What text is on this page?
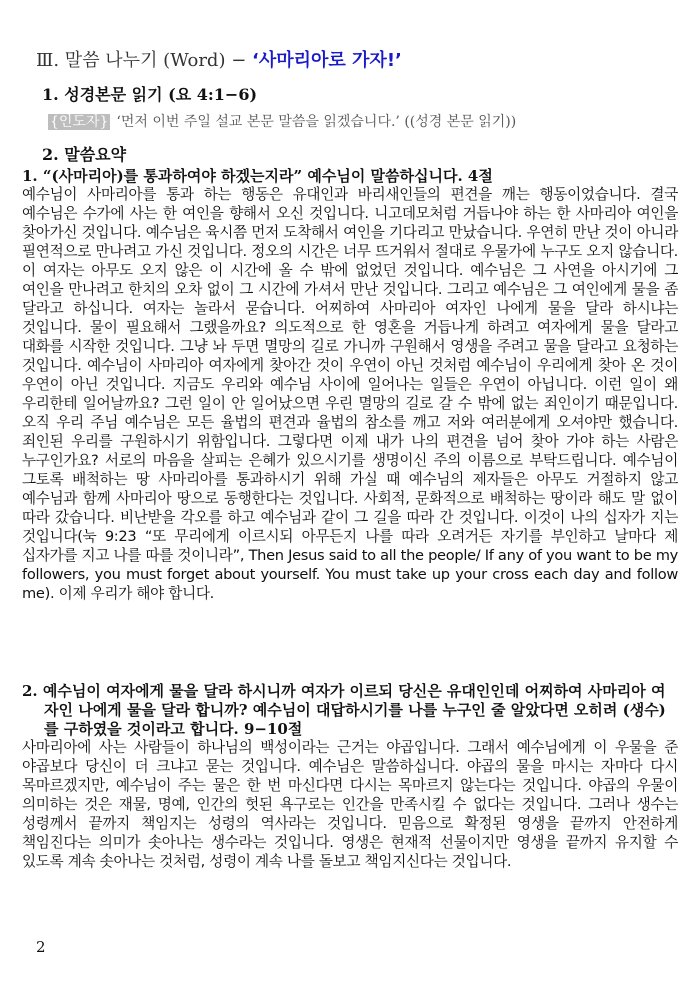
Ⅲ. 말씀 나누기 (Word) − ‘사마리아로 가자!’
1. 성경본문 읽기 (요 4:1−6)
{인도자} ‘먼저 이번 주일 설교 본문 말씀을 읽겠습니다.’ ((성경 본문 읽기))
2. 말씀요약
1. “(사마리아)를 통과하여야 하겠는지라” 예수님이 말씀하십니다. 4절
예수님이 사마리아를 통과 하는 행동은 유대인과 바리새인들의 편견을 깨는 행동이었습니다. 결국 예수님은 수가에 사는 한 여인을 향해서 오신 것입니다. 니고데모처럼 거듭나야 하는 한 사마리아 여인을 찾아가신 것입니다. 예수님은 육시쯤 먼저 도착해서 여인을 기다리고 만났습니다. 우연히 만난 것이 아니라 필연적으로 만나려고 가신 것입니다. 정오의 시간은 너무 뜨거워서 절대로 우물가에 누구도 오지 않습니다. 이 여자는 아무도 오지 않은 이 시간에 올 수 밖에 없었던 것입니다. 예수님은 그 사연을 아시기에 그 여인을 만나려고 한치의 오차 없이 그 시간에 가셔서 만난 것입니다. 그리고 예수님은 그 여인에게 물을 좀 달라고 하십니다. 여자는 놀라서 묻습니다. 어찌하여 사마리아 여자인 나에게 물을 달라 하시냐는 것입니다. 물이 필요해서 그랬을까요? 의도적으로 한 영혼을 거듭나게 하려고 여자에게 물을 달라고 대화를 시작한 것입니다. 그냥 놔 두면 멸망의 길로 가니까 구원해서 영생을 주려고 물을 달라고 요청하는 것입니다. 예수님이 사마리아 여자에게 찾아간 것이 우연이 아닌 것처럼 예수님이 우리에게 찾아 온 것이 우연이 아닌 것입니다. 지금도 우리와 예수님 사이에 일어나는 일들은 우연이 아닙니다. 이런 일이 왜 우리한테 일어날까요? 그런 일이 안 일어났으면 우린 멸망의 길로 갈 수 밖에 없는 죄인이기 때문입니다. 오직 우리 주님 예수님은 모든 율법의 편견과 율법의 참소를 깨고 저와 여러분에게 오셔야만 했습니다. 죄인된 우리를 구원하시기 위함입니다. 그렇다면 이제 내가 나의 편견을 넘어 찾아 가야 하는 사람은 누구인가요? 서로의 마음을 살피는 은혜가 있으시기를 생명이신 주의 이름으로 부탁드립니다. 예수님이 그토록 배척하는 땅 사마리아를 통과하시기 위해 가실 때 예수님의 제자들은 아무도 거절하지 않고 예수님과 함께 사마리아 땅으로 동행한다는 것입니다. 사회적, 문화적으로 배척하는 땅이라 해도 말 없이 따라 갔습니다. 비난받을 각오를 하고 예수님과 같이 그 길을 따라 간 것입니다. 이것이 나의 십자가 지는 것입니다(눅 9:23 “또 무리에게 이르시되 아무든지 나를 따라 오려거든 자기를 부인하고 날마다 제 십자가를 지고 나를 따를 것이니라”, Then Jesus said to all the people/ If any of you want to be my followers, you must forget about yourself. You must take up your cross each day and follow me). 이제 우리가 해야 합니다.
2. 예수님이 여자에게 물을 달라 하시니까 여자가 이르되 당신은 유대인인데 어찌하여 사마리아 여자인 나에게 물을 달라 합니까? 예수님이 대답하시기를 나를 누구인 줄 알았다면 오히려 (생수)를 구하였을 것이라고 합니다. 9−10절
사마리아에 사는 사람들이 하나님의 백성이라는 근거는 야곱입니다. 그래서 예수님에게 이 우물을 준 야곱보다 당신이 더 크냐고 묻는 것입니다. 예수님은 말씀하십니다. 야곱의 물을 마시는 자마다 다시 목마르겠지만, 예수님이 주는 물은 한 번 마신다면 다시는 목마르지 않는다는 것입니다. 야곱의 우물이 의미하는 것은 재물, 명예, 인간의 헛된 욕구로는 인간을 만족시킬 수 없다는 것입니다. 그러나 생수는 성령께서 끝까지 책임지는 성령의 역사라는 것입니다. 믿음으로 확정된 영생을 끝까지 안전하게 책임진다는 의미가 솟아나는 생수라는 것입니다. 영생은 현재적 선물이지만 영생을 끝까지 유지할 수 있도록 계속 솟아나는 것처럼, 성령이 계속 나를 돌보고 책임지신다는 것입니다.
2
